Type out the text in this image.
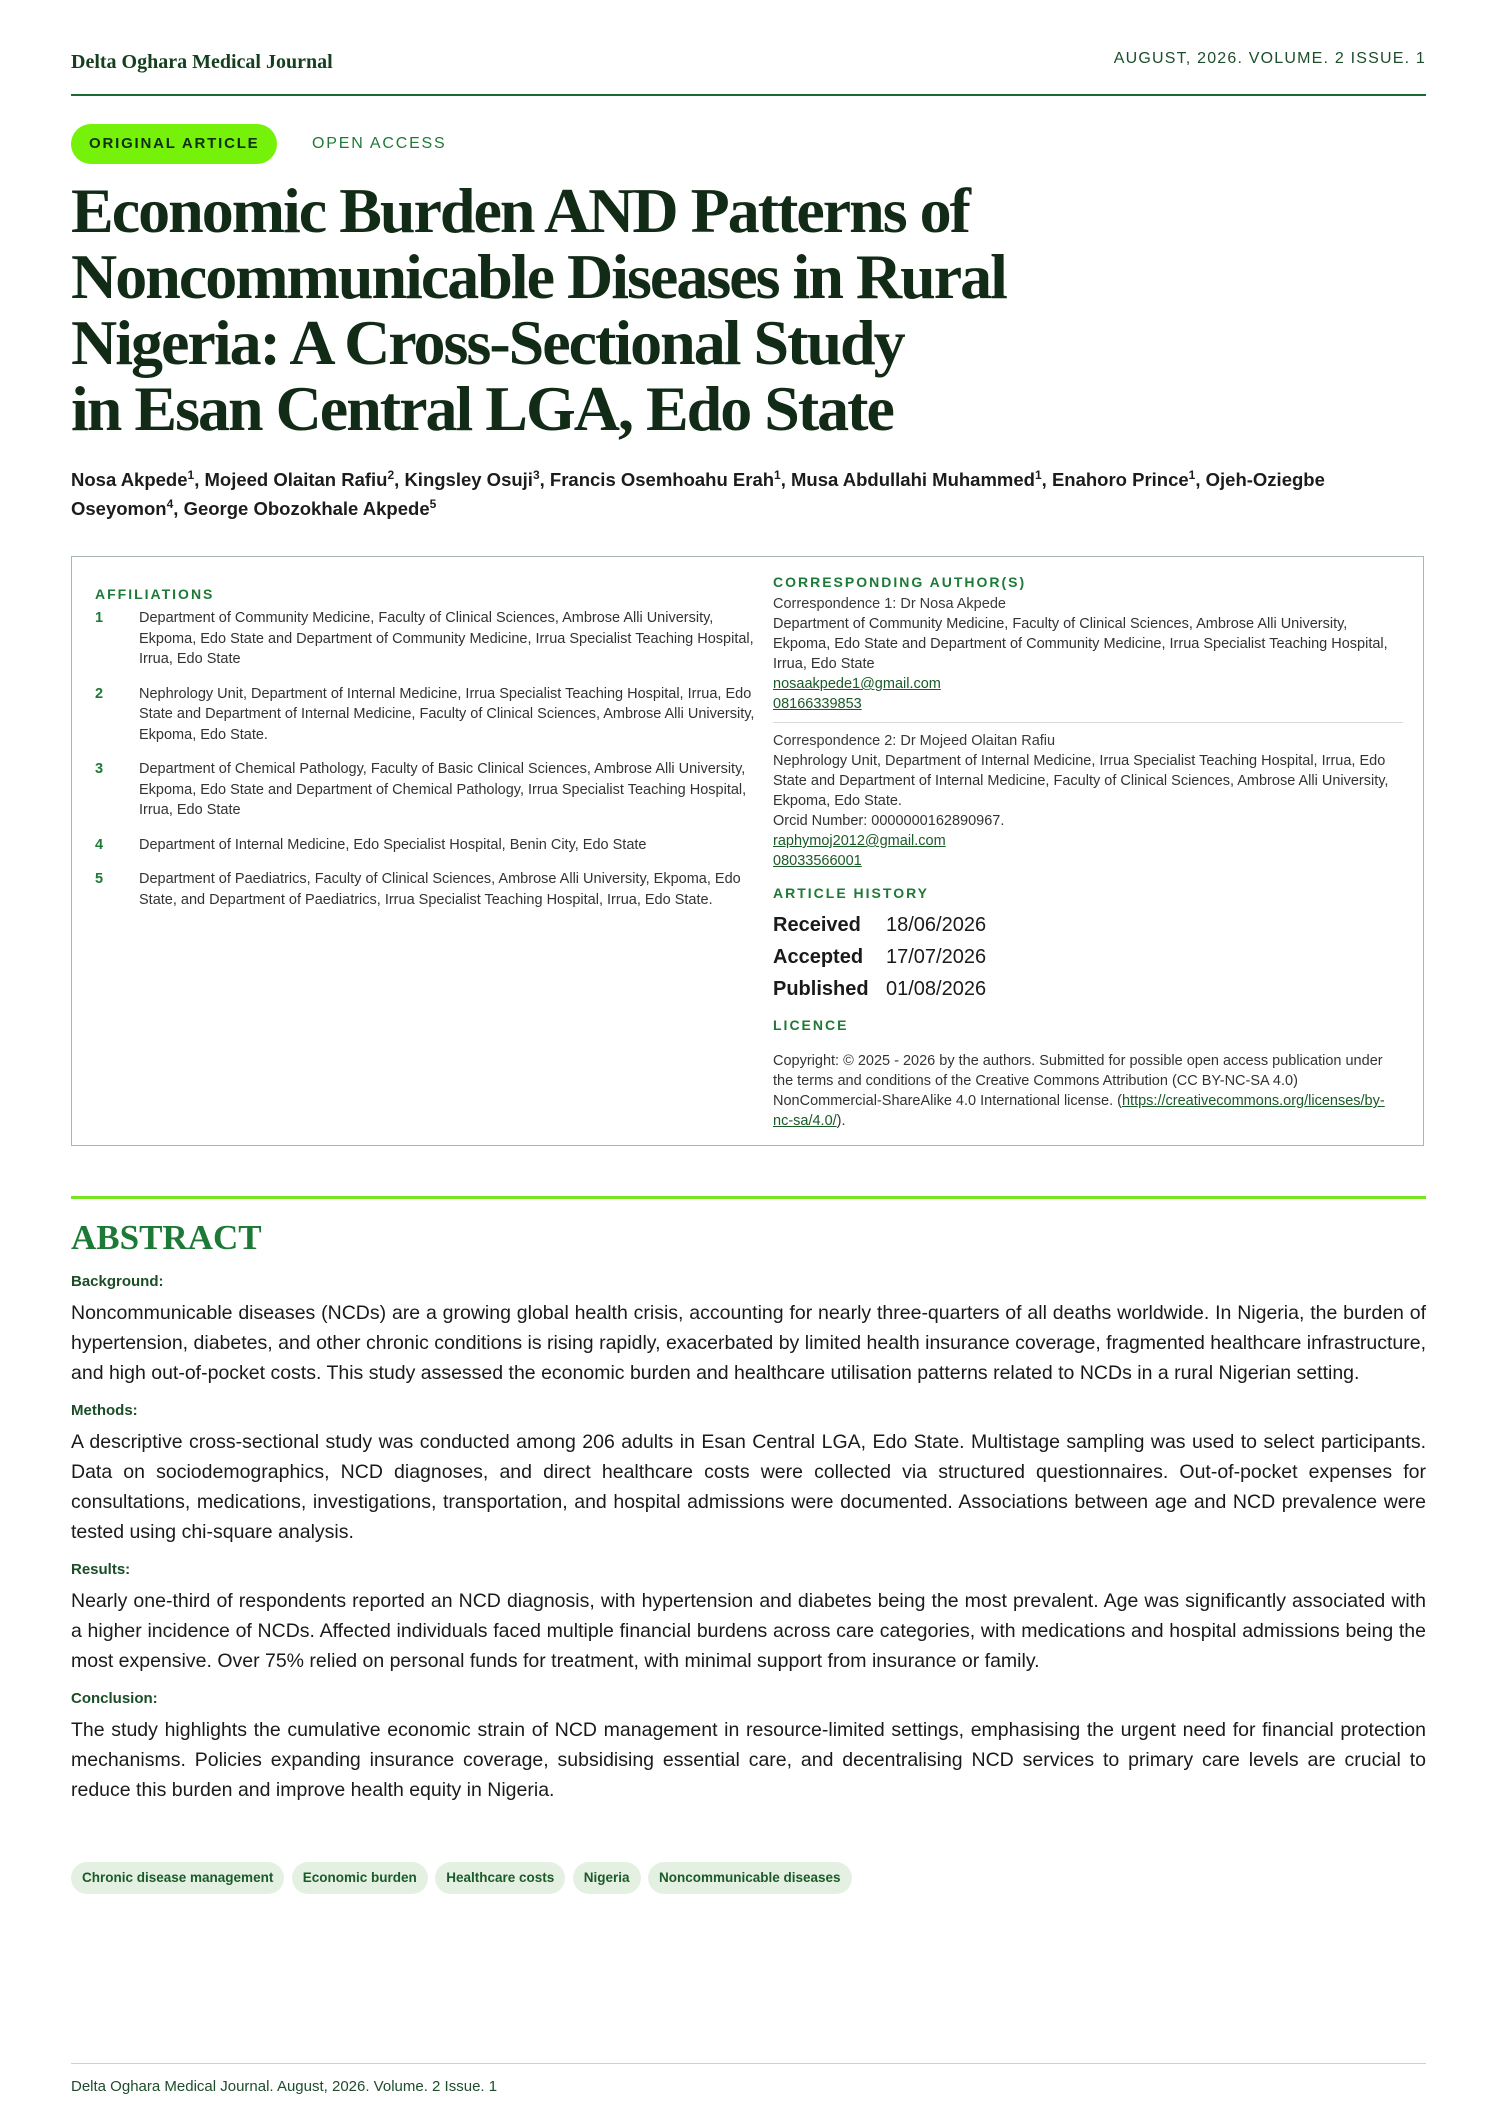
Delta Oghara Medical Journal	AUGUST, 2026. VOLUME. 2 ISSUE. 1
ORIGINAL ARTICLE	OPEN ACCESS
Economic Burden AND Patterns of
Noncommunicable Diseases in Rural
Nigeria: A Cross-Sectional Study
in Esan Central LGA, Edo State
Nosa Akpede$^1$, Mojeed Olaitan Rafiu$^2$, Kingsley Osuji$^3$, Francis Osemhoahu Erah$^1$, Musa Abdullahi Muhammed$^1$, Enahoro Prince$^1$, Ojeh-Oziegbe Oseyomon$^4$, George Obozokhale Akpede$^5$
AFFILIATIONS
1 Department of Community Medicine, Faculty of Clinical Sciences, Ambrose Alli University, Ekpoma, Edo State and Department of Community Medicine, Irrua Specialist Teaching Hospital, Irrua, Edo State
2 Nephrology Unit, Department of Internal Medicine, Irrua Specialist Teaching Hospital, Irrua, Edo State and Department of Internal Medicine, Faculty of Clinical Sciences, Ambrose Alli University, Ekpoma, Edo State.
3 Department of Chemical Pathology, Faculty of Basic Clinical Sciences, Ambrose Alli University, Ekpoma, Edo State and Department of Chemical Pathology, Irrua Specialist Teaching Hospital, Irrua, Edo State
4 Department of Internal Medicine, Edo Specialist Hospital, Benin City, Edo State
5 Department of Paediatrics, Faculty of Clinical Sciences, Ambrose Alli University, Ekpoma, Edo State, and Department of Paediatrics, Irrua Specialist Teaching Hospital, Irrua, Edo State.
CORRESPONDING AUTHOR(S)
Correspondence 1: Dr Nosa Akpede
Department of Community Medicine, Faculty of Clinical Sciences, Ambrose Alli University, Ekpoma, Edo State and Department of Community Medicine, Irrua Specialist Teaching Hospital, Irrua, Edo State
nosaakpede1@gmail.com
08166339853
Correspondence 2: Dr Mojeed Olaitan Rafiu
Nephrology Unit, Department of Internal Medicine, Irrua Specialist Teaching Hospital, Irrua, Edo State and Department of Internal Medicine, Faculty of Clinical Sciences, Ambrose Alli University, Ekpoma, Edo State.
Orcid Number: 0000000162890967.
raphymoj2012@gmail.com
08033566001
ARTICLE HISTORY
Received 18/06/2026
Accepted 17/07/2026
Published 01/08/2026
LICENCE
Copyright: © 2025 - 2026 by the authors. Submitted for possible open access publication under the terms and conditions of the Creative Commons Attribution (CC BY-NC-SA 4.0) NonCommercial-ShareAlike 4.0 International license. (https://creativecommons.org/licenses/by-nc-sa/4.0/).
ABSTRACT
Background:

Noncommunicable diseases (NCDs) are a growing global health crisis, accounting for nearly three-quarters of all deaths worldwide. In Nigeria, the burden of hypertension, diabetes, and other chronic conditions is rising rapidly, exacerbated by limited health insurance coverage, fragmented healthcare infrastructure, and high out-of-pocket costs. This study assessed the economic burden and healthcare utilisation patterns related to NCDs in a rural Nigerian setting.

Methods:

A descriptive cross-sectional study was conducted among 206 adults in Esan Central LGA, Edo State. Multistage sampling was used to select participants. Data on sociodemographics, NCD diagnoses, and direct healthcare costs were collected via structured questionnaires. Out-of-pocket expenses for consultations, medications, investigations, transportation, and hospital admissions were documented. Associations between age and NCD prevalence were tested using chi-square analysis.

Results:

Nearly one-third of respondents reported an NCD diagnosis, with hypertension and diabetes being the most prevalent. Age was significantly associated with a higher incidence of NCDs. Affected individuals faced multiple financial burdens across care categories, with medications and hospital admissions being the most expensive. Over 75% relied on personal funds for treatment, with minimal support from insurance or family.

Conclusion:

The study highlights the cumulative economic strain of NCD management in resource-limited settings, emphasising the urgent need for financial protection mechanisms. Policies expanding insurance coverage, subsidising essential care, and decentralising NCD services to primary care levels are crucial to reduce this burden and improve health equity in Nigeria.

Chronic disease management Economic burden Healthcare costs Nigeria Noncommunicable diseases
Delta Oghara Medical Journal. August, 2026. Volume. 2 Issue. 1
